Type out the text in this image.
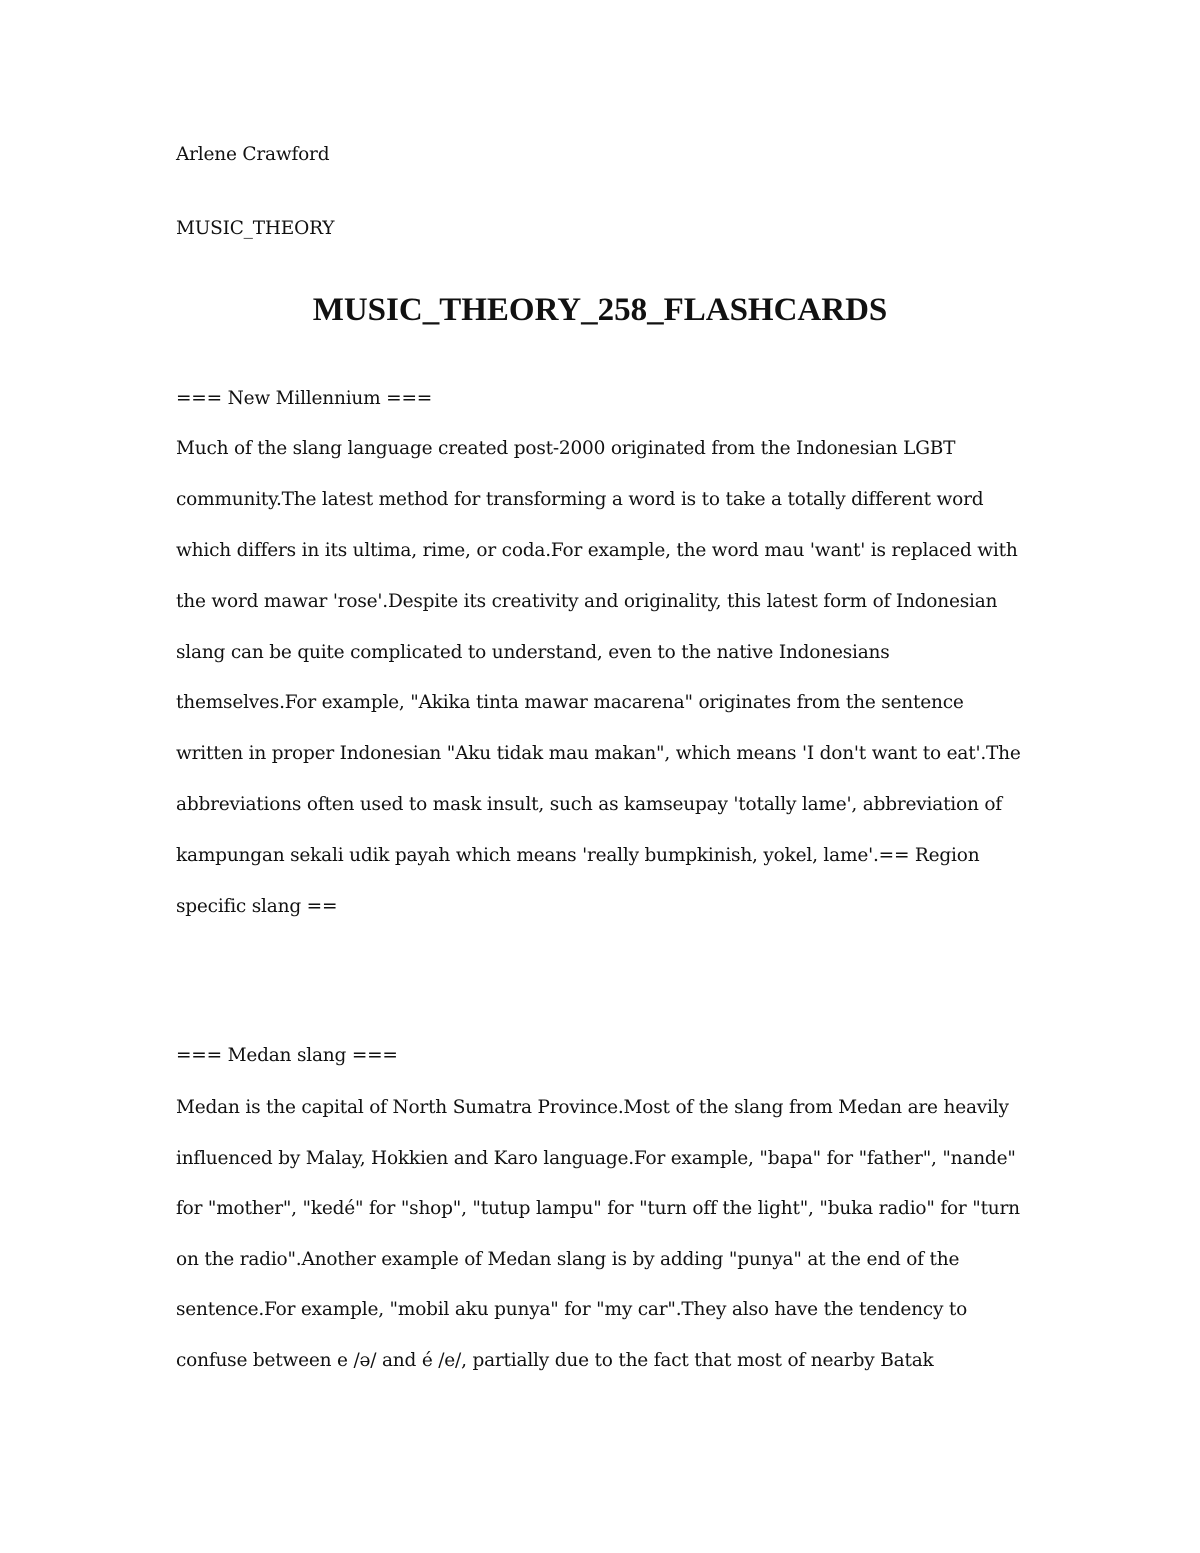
Arlene Crawford
MUSIC_THEORY
MUSIC_THEORY_258_FLASHCARDS
=== New Millennium ===
Much of the slang language created post-2000 originated from the Indonesian LGBT
community.The latest method for transforming a word is to take a totally different word
which differs in its ultima, rime, or coda.For example, the word mau 'want' is replaced with
the word mawar 'rose'.Despite its creativity and originality, this latest form of Indonesian
slang can be quite complicated to understand, even to the native Indonesians
themselves.For example, "Akika tinta mawar macarena" originates from the sentence
written in proper Indonesian "Aku tidak mau makan", which means 'I don't want to eat'.The
abbreviations often used to mask insult, such as kamseupay 'totally lame', abbreviation of
kampungan sekali udik payah which means 'really bumpkinish, yokel, lame'.== Region
specific slang ==
=== Medan slang ===
Medan is the capital of North Sumatra Province.Most of the slang from Medan are heavily
influenced by Malay, Hokkien and Karo language.For example, "bapa" for "father", "nande"
for "mother", "kedé" for "shop", "tutup lampu" for "turn off the light", "buka radio" for "turn
on the radio".Another example of Medan slang is by adding "punya" at the end of the
sentence.For example, "mobil aku punya" for "my car".They also have the tendency to
confuse between e /ə/ and é /e/, partially due to the fact that most of nearby Batak
